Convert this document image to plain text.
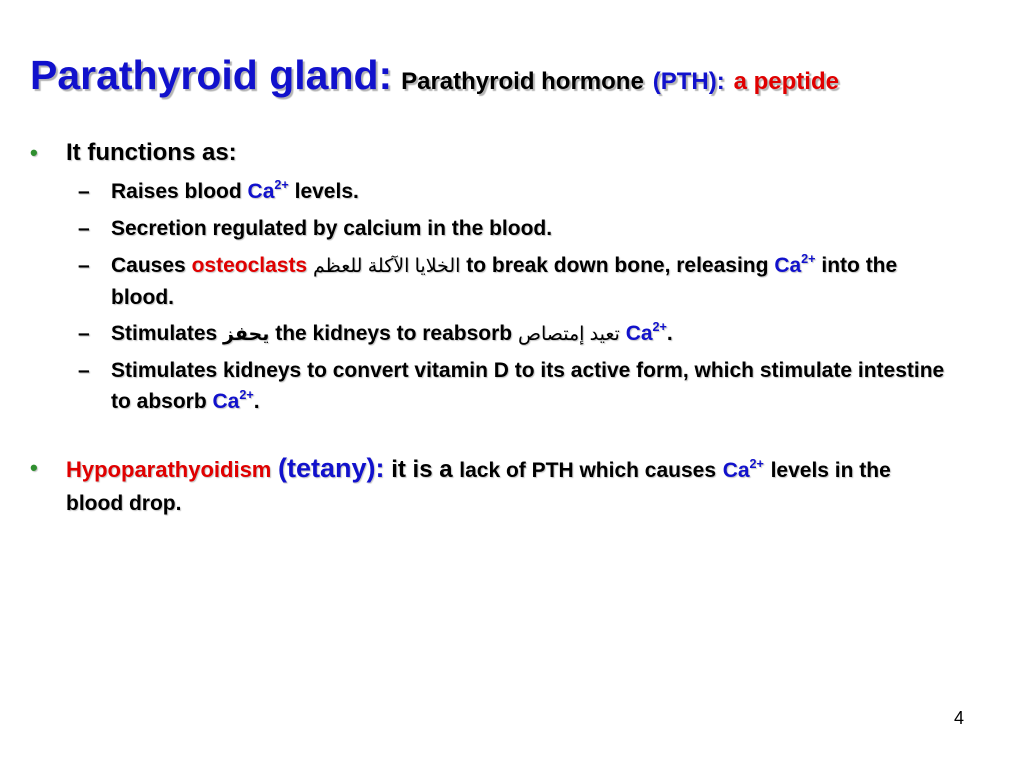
Parathyroid gland: Parathyroid hormone (PTH): a peptide
• It functions as:
– Raises blood $Ca^{2+}$ levels.
– Secretion regulated by calcium in the blood.
– Causes osteoclasts الخلايا الآكلة للعظم to break down bone, releasing $Ca^{2+}$ into the blood.
– Stimulates يحفز the kidneys to reabsorb تعيد إمتصاص $Ca^{2+}$.
– Stimulates kidneys to convert vitamin D to its active form, which stimulate intestine to absorb $Ca^{2+}$.
• Hypoparathyoidism (tetany): it is a lack of PTH which causes $Ca^{2+}$ levels in the blood drop.
4
